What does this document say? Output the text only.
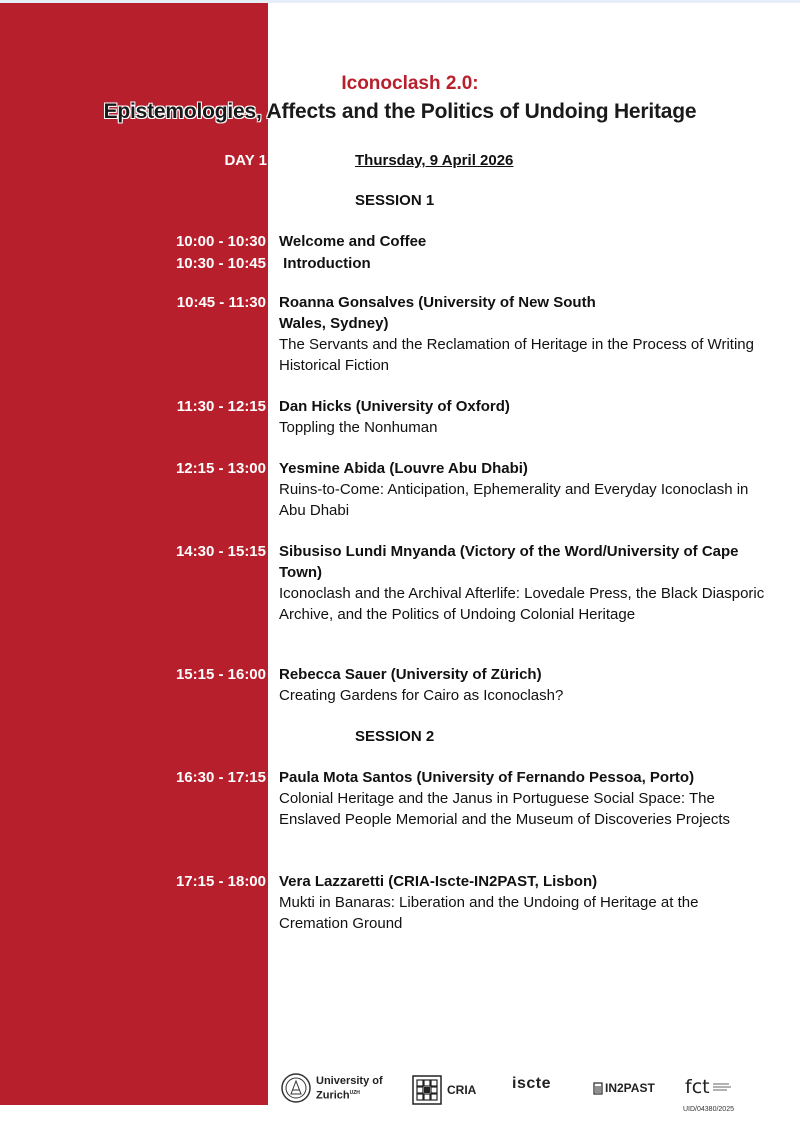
Iconoclash 2.0:
Epistemologies, Affects and the Politics of Undoing Heritage
DAY 1	Thursday, 9 April 2026
SESSION 1
10:00 - 10:30 Welcome and Coffee
10:30 - 10:45 Introduction
10:45 - 11:30 Roanna Gonsalves (University of New South Wales, Sydney)
The Servants and the Reclamation of Heritage in the Process of Writing Historical Fiction
11:30 - 12:15 Dan Hicks (University of Oxford)
Toppling the Nonhuman
12:15 - 13:00 Yesmine Abida (Louvre Abu Dhabi)
Ruins-to-Come: Anticipation, Ephemerality and Everyday Iconoclash in Abu Dhabi
14:30 - 15:15 Sibusiso Lundi Mnyanda (Victory of the Word/University of Cape Town)
Iconoclash and the Archival Afterlife: Lovedale Press, the Black Diasporic Archive, and the Politics of Undoing Colonial Heritage
15:15 - 16:00 Rebecca Sauer (University of Zürich)
Creating Gardens for Cairo as Iconoclash?
SESSION 2
16:30 - 17:15 Paula Mota Santos (University of Fernando Pessoa, Porto)
Colonial Heritage and the Janus in Portuguese Social Space: The Enslaved People Memorial and the Museum of Discoveries Projects
17:15 - 18:00 Vera Lazzaretti (CRIA-Iscte-IN2PAST, Lisbon)
Mukti in Banaras: Liberation and the Undoing of Heritage at the Cremation Ground
University of
Zurich$^{UZH}$	CRIA iscte	IN2PAST fct
UID/04380/2025
